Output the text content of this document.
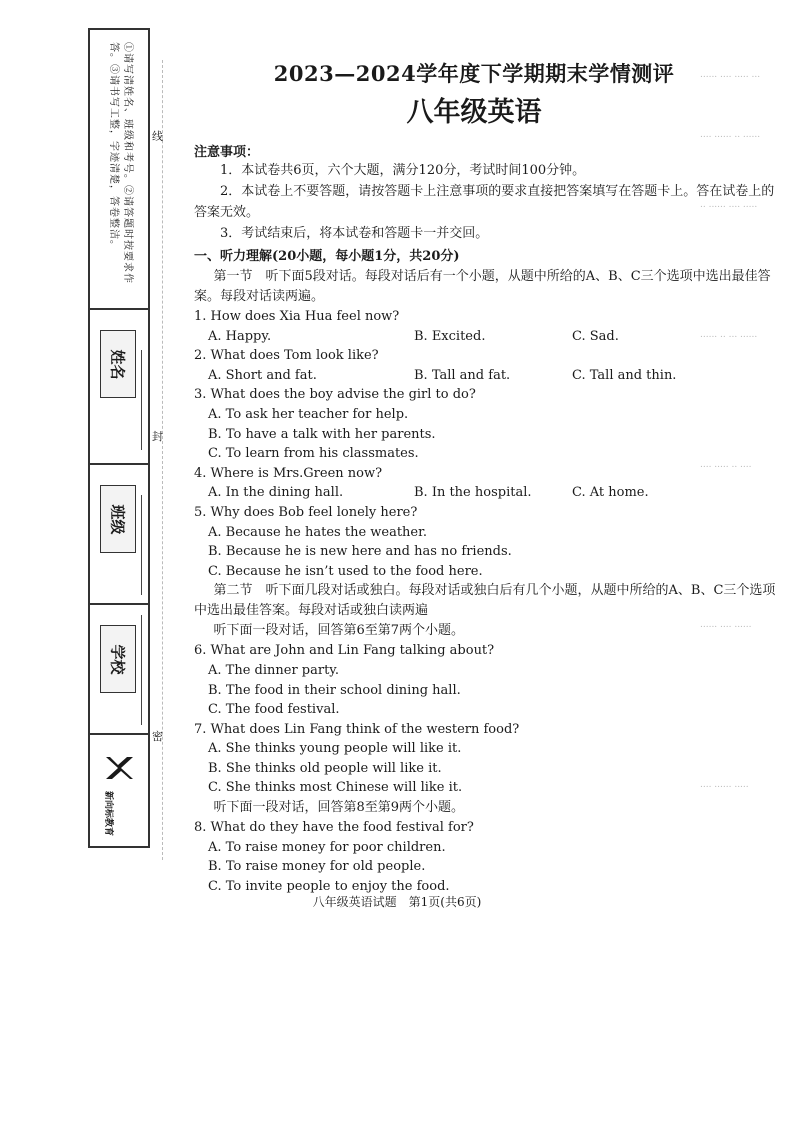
...... .... ..... ...
.... ...... .. ......
.. ...... .... .....
...... .. ... ......
.... ..... .. ....
...... .... ......
.... ...... .....
①请写清姓名、班级和考号。②请答题时按要求作答。③请书写工整，字迹清楚，答卷整洁。
姓名
班级
学校
新向标教育
线
封
密
2023—2024学年度下学期期末学情测评
八年级英语
注意事项：

1．本试卷共6页，六个大题，满分120分，考试时间100分钟。

2．本试卷上不要答题，请按答题卡上注意事项的要求直接把答案填写在答题卡上。答在试卷上的答案无效。

3．考试结束后，将本试卷和答题卡一并交回。

一、听力理解(20小题，每小题1分，共20分)

第一节　听下面5段对话。每段对话后有一个小题，从题中所给的A、B、C三个选项中选出最佳答案。每段对话读两遍。

1. How does Xia Hua feel now?
A. Happy.	B. Excited.	C. Sad.
2. What does Tom look like?
A. Short and fat.	B. Tall and fat.	C. Tall and thin.
3. What does the boy advise the girl to do?
A. To ask her teacher for help.
B. To have a talk with her parents.
C. To learn from his classmates.
4. Where is Mrs.Green now?
A. In the dining hall.	B. In the hospital.	C. At home.
5. Why does Bob feel lonely here?
A. Because he hates the weather.
B. Because he is new here and has no friends.
C. Because he isn’t used to the food here.

第二节　听下面几段对话或独白。每段对话或独白后有几个小题，从题中所给的A、B、C三个选项中选出最佳答案。每段对话或独白读两遍

听下面一段对话，回答第6至第7两个小题。

6. What are John and Lin Fang talking about?
A. The dinner party.
B. The food in their school dining hall.
C. The food festival.
7. What does Lin Fang think of the western food?
A. She thinks young people will like it.
B. She thinks old people will like it.
C. She thinks most Chinese will like it.

听下面一段对话，回答第8至第9两个小题。

8. What do they have the food festival for?
A. To raise money for poor children.
B. To raise money for old people.
C. To invite people to enjoy the food.
八年级英语试题　第1页(共6页)
